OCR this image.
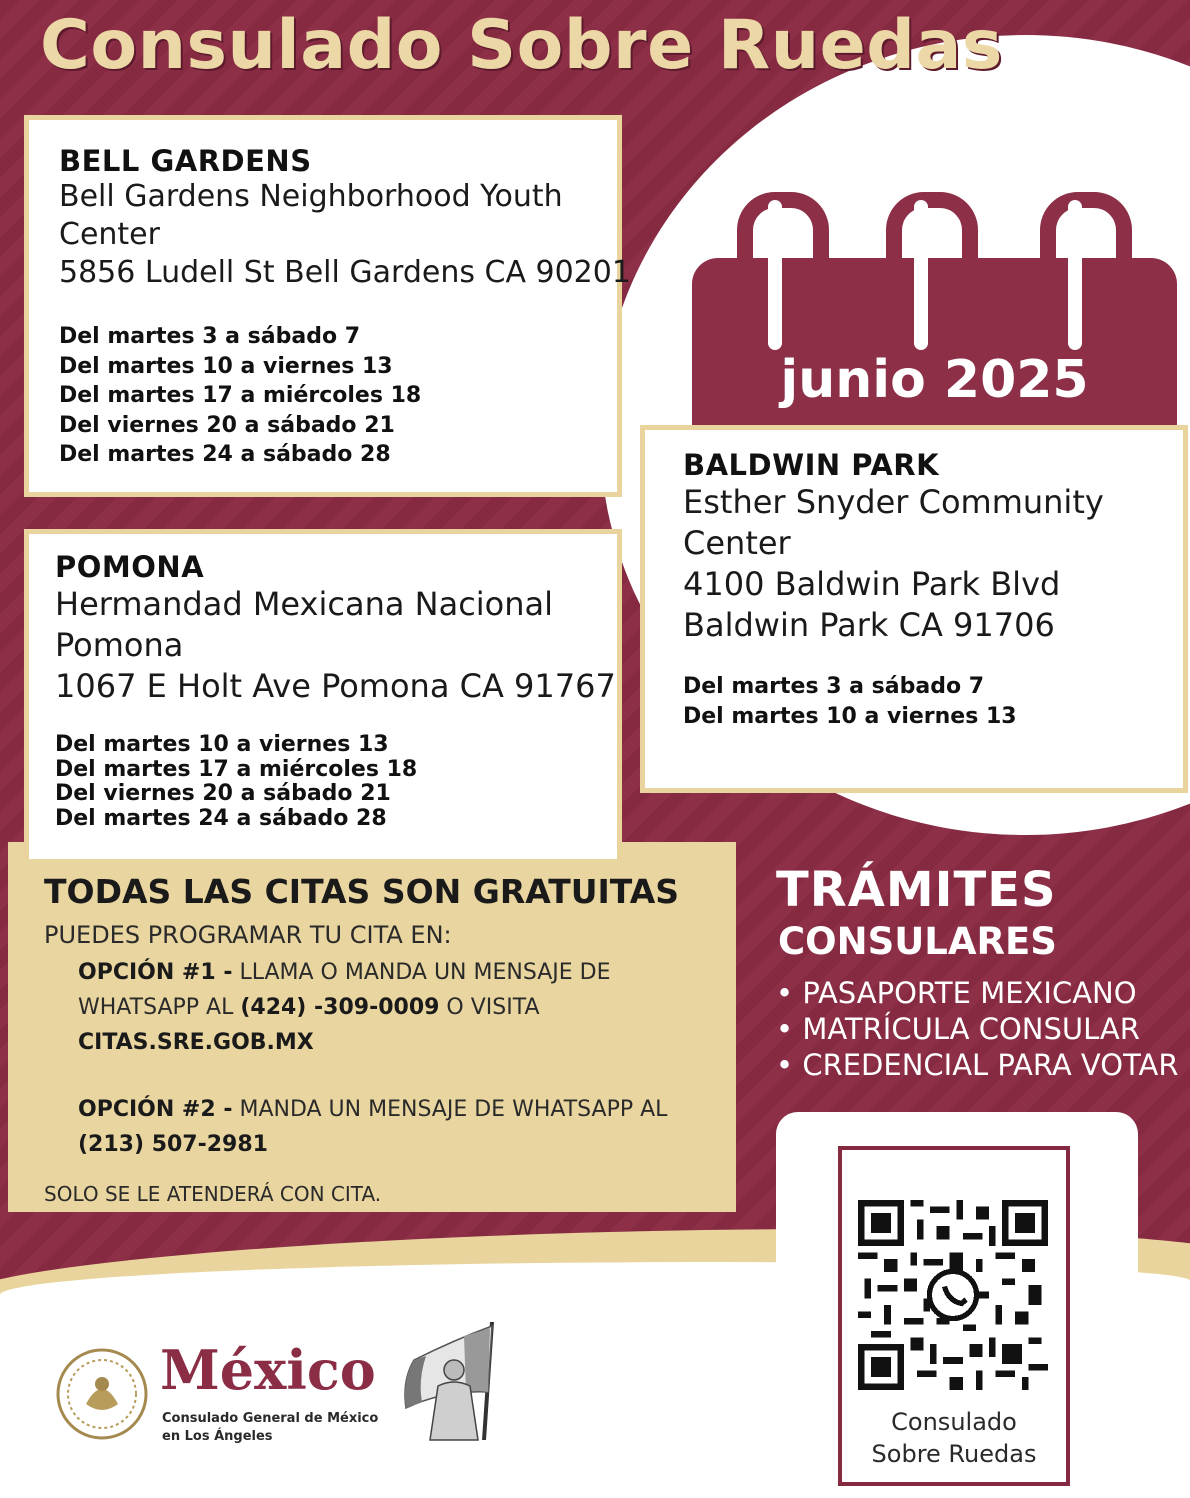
Consulado Sobre Ruedas
junio 2025

BELL GARDENS

Bell Gardens Neighborhood Youth

Center

5856 Ludell St Bell Gardens CA 90201

Del martes 3 a sábado 7

Del martes 10 a viernes 13

Del martes 17 a miércoles 18

Del viernes 20 a sábado 21

Del martes 24 a sábado 28	BALDWIN PARK

Esther Snyder Community

Center

4100 Baldwin Park Blvd

Baldwin Park CA 91706

Del martes 3 a sábado 7

Del martes 10 a viernes 13

TODAS LAS CITAS SON GRATUITAS

PUEDES PROGRAMAR TU CITA EN:

OPCIÓN #1 - LLAMA O MANDA UN MENSAJE DE WHATSAPP AL (424) -309-0009 O VISITA
CITAS.SRE.GOB.MX

OPCIÓN #2 - MANDA UN MENSAJE DE WHATSAPP AL (213) 507-2981

SOLO SE LE ATENDERÁ CON CITA.

POMONA

Hermandad Mexicana Nacional

Pomona

1067 E Holt Ave Pomona CA 91767

Del martes 10 a viernes 13

Del martes 17 a miércoles 18

Del viernes 20 a sábado 21

Del martes 24 a sábado 28

TRÁMITES

CONSULARES

• PASAPORTE MEXICANO
• MATRÍCULA CONSULAR
• CREDENCIAL PARA VOTAR
Consulado
Sobre Ruedas
México
Consulado General de México
en Los Ángeles
